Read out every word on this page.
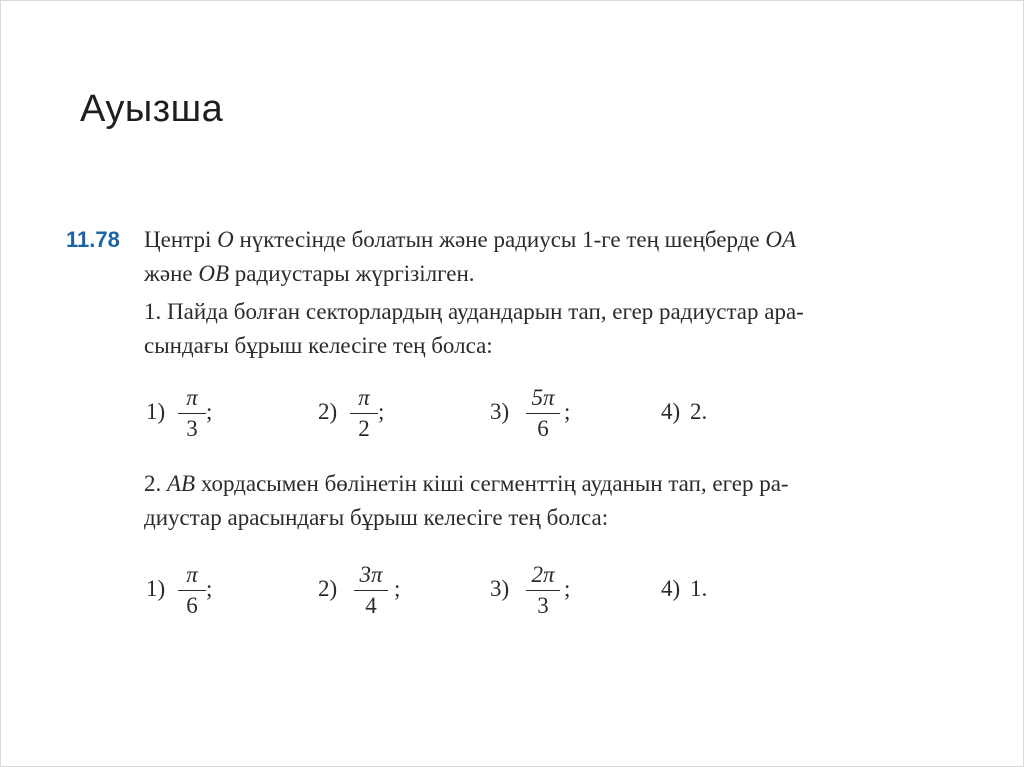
Ауызша
11.78 Центрі O нүктесінде болатын және радиусы 1-ге тең шеңберде OA
және OB радиустары жүргізілген.
1. Пайда болған секторлардың аудандарын тап, егер радиустар ара-
сындағы бұрыш келесіге тең болса:
1)
π
3
;	2)
π
2
;	3)
5π
6
;	4) 2.
2. AB хордасымен бөлінетін кіші сегменттің ауданын тап, егер ра-
диустар арасындағы бұрыш келесіге тең болса:
1)
π
6
;	2)
3π
4
;	3)
2π
3
;	4) 1.
